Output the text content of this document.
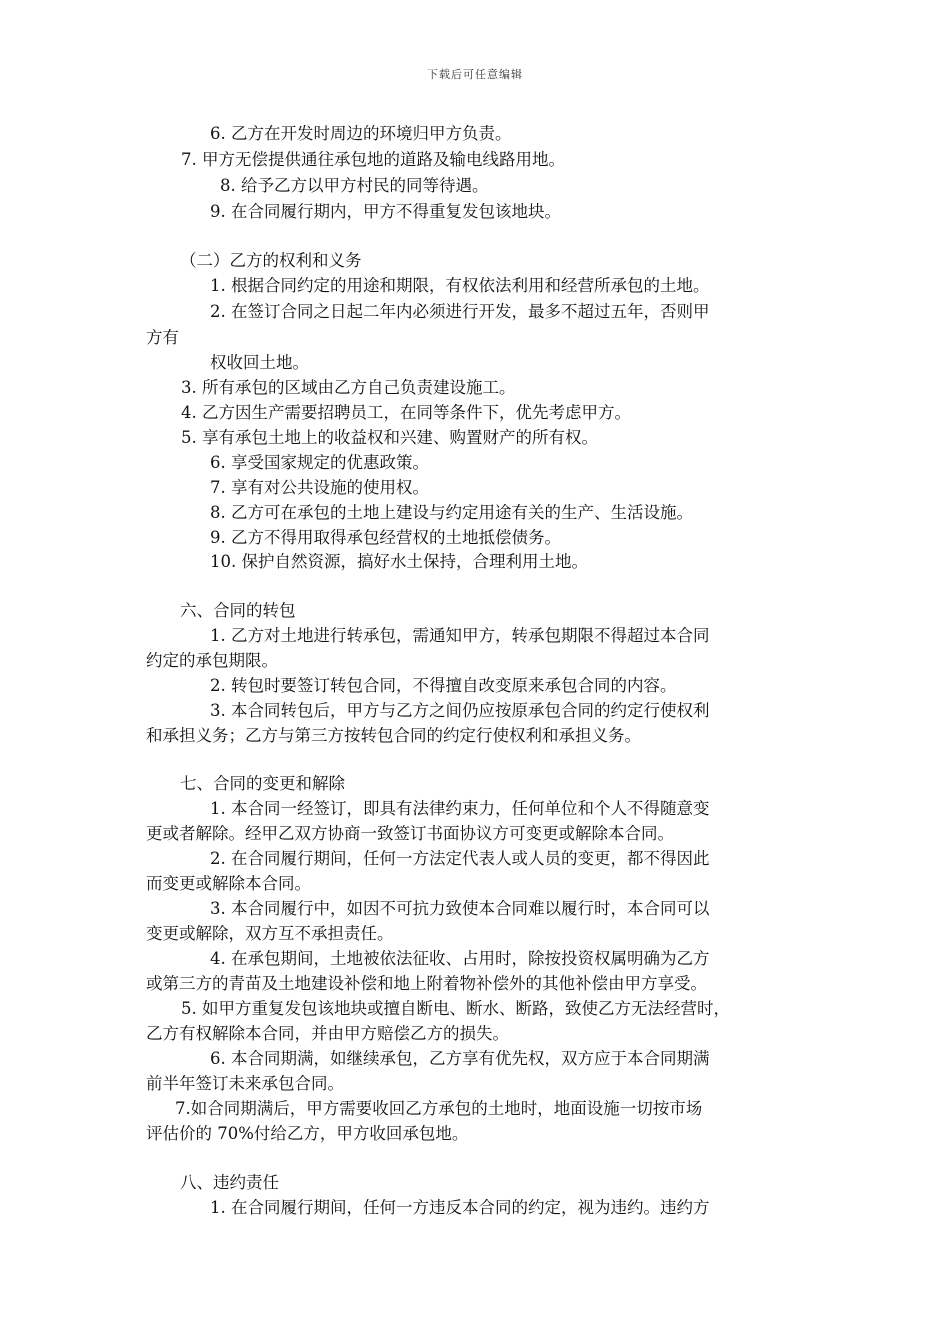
下载后可任意编辑
6. 乙方在开发时周边的环境归甲方负责。
7. 甲方无偿提供通往承包地的道路及输电线路用地。
8. 给予乙方以甲方村民的同等待遇。
9. 在合同履行期内，甲方不得重复发包该地块。
（二）乙方的权利和义务
1. 根据合同约定的用途和期限，有权依法利用和经营所承包的土地。
2. 在签订合同之日起二年内必须进行开发，最多不超过五年，否则甲
方有
权收回土地。
3. 所有承包的区域由乙方自己负责建设施工。
4. 乙方因生产需要招聘员工，在同等条件下，优先考虑甲方。
5. 享有承包土地上的收益权和兴建、购置财产的所有权。
6. 享受国家规定的优惠政策。
7. 享有对公共设施的使用权。
8. 乙方可在承包的土地上建设与约定用途有关的生产、生活设施。
9. 乙方不得用取得承包经营权的土地抵偿债务。
10. 保护自然资源，搞好水土保持，合理利用土地。
六、合同的转包
1. 乙方对土地进行转承包，需通知甲方，转承包期限不得超过本合同
约定的承包期限。
2. 转包时要签订转包合同，不得擅自改变原来承包合同的内容。
3. 本合同转包后，甲方与乙方之间仍应按原承包合同的约定行使权利
和承担义务；乙方与第三方按转包合同的约定行使权利和承担义务。
七、合同的变更和解除
1. 本合同一经签订，即具有法律约束力，任何单位和个人不得随意变
更或者解除。经甲乙双方协商一致签订书面协议方可变更或解除本合同。
2. 在合同履行期间，任何一方法定代表人或人员的变更，都不得因此
而变更或解除本合同。
3. 本合同履行中，如因不可抗力致使本合同难以履行时，本合同可以
变更或解除，双方互不承担责任。
4. 在承包期间，土地被依法征收、占用时，除按投资权属明确为乙方
或第三方的青苗及土地建设补偿和地上附着物补偿外的其他补偿由甲方享受。
5. 如甲方重复发包该地块或擅自断电、断水、断路，致使乙方无法经营时，
乙方有权解除本合同，并由甲方赔偿乙方的损失。
6. 本合同期满，如继续承包，乙方享有优先权，双方应于本合同期满
前半年签订未来承包合同。
7.如合同期满后，甲方需要收回乙方承包的土地时，地面设施一切按市场
评估价的 70%付给乙方，甲方收回承包地。
八、违约责任
1. 在合同履行期间，任何一方违反本合同的约定，视为违约。违约方
